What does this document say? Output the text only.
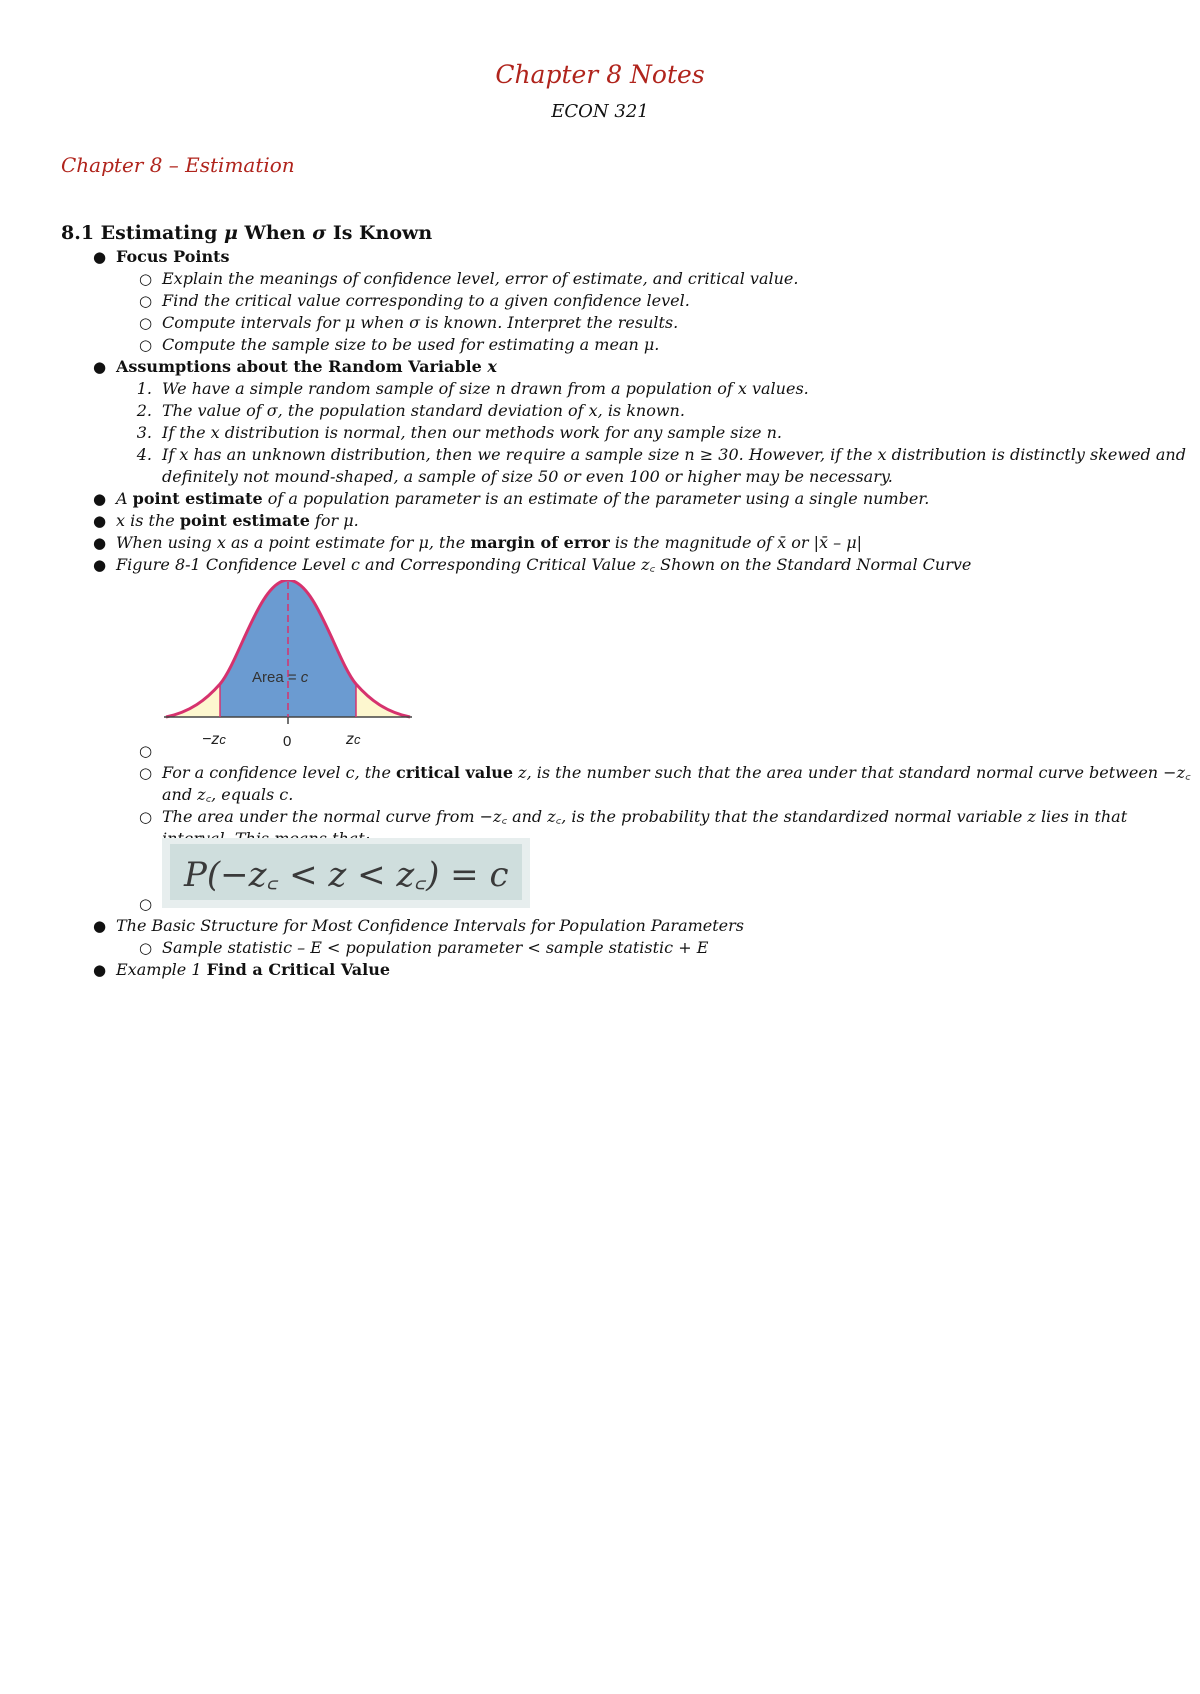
Chapter 8 Notes
ECON 321
Chapter 8 – Estimation
8.1 Estimating μ When σ Is Known
● Focus Points
○ Explain the meanings of confidence level, error of estimate, and critical value.
○ Find the critical value corresponding to a given confidence level.
○ Compute intervals for μ when σ is known. Interpret the results.
○ Compute the sample size to be used for estimating a mean μ.
● Assumptions about the Random Variable x
1. We have a simple random sample of size n drawn from a population of x values.
2. The value of σ, the population standard deviation of x, is known.
3. If the x distribution is normal, then our methods work for any sample size n.
4. If x has an unknown distribution, then we require a sample size n ≥ 30. However, if the x distribution is distinctly skewed and
definitely not mound-shaped, a sample of size 50 or even 100 or higher may be necessary.
● A point estimate of a population parameter is an estimate of the parameter using a single number.
● x is the point estimate for μ.
● When using x as a point estimate for μ, the margin of error is the magnitude of x̄ or |x̄ – μ|
● Figure 8-1 Confidence Level c and Corresponding Critical Value z꜀ Shown on the Standard Normal Curve
Area = c
−zc	0	zc
○
○ For a confidence level c, the critical value z, is the number such that the area under that standard normal curve between −z꜀
and z꜀, equals c.
○ The area under the normal curve from −z꜀ and z꜀, is the probability that the standardized normal variable z lies in that
P(−z꜀ < z < z꜀) = c
○
● The Basic Structure for Most Confidence Intervals for Population Parameters
○ Sample statistic – E < population parameter < sample statistic + E
● Example 1 Find a Critical Value
